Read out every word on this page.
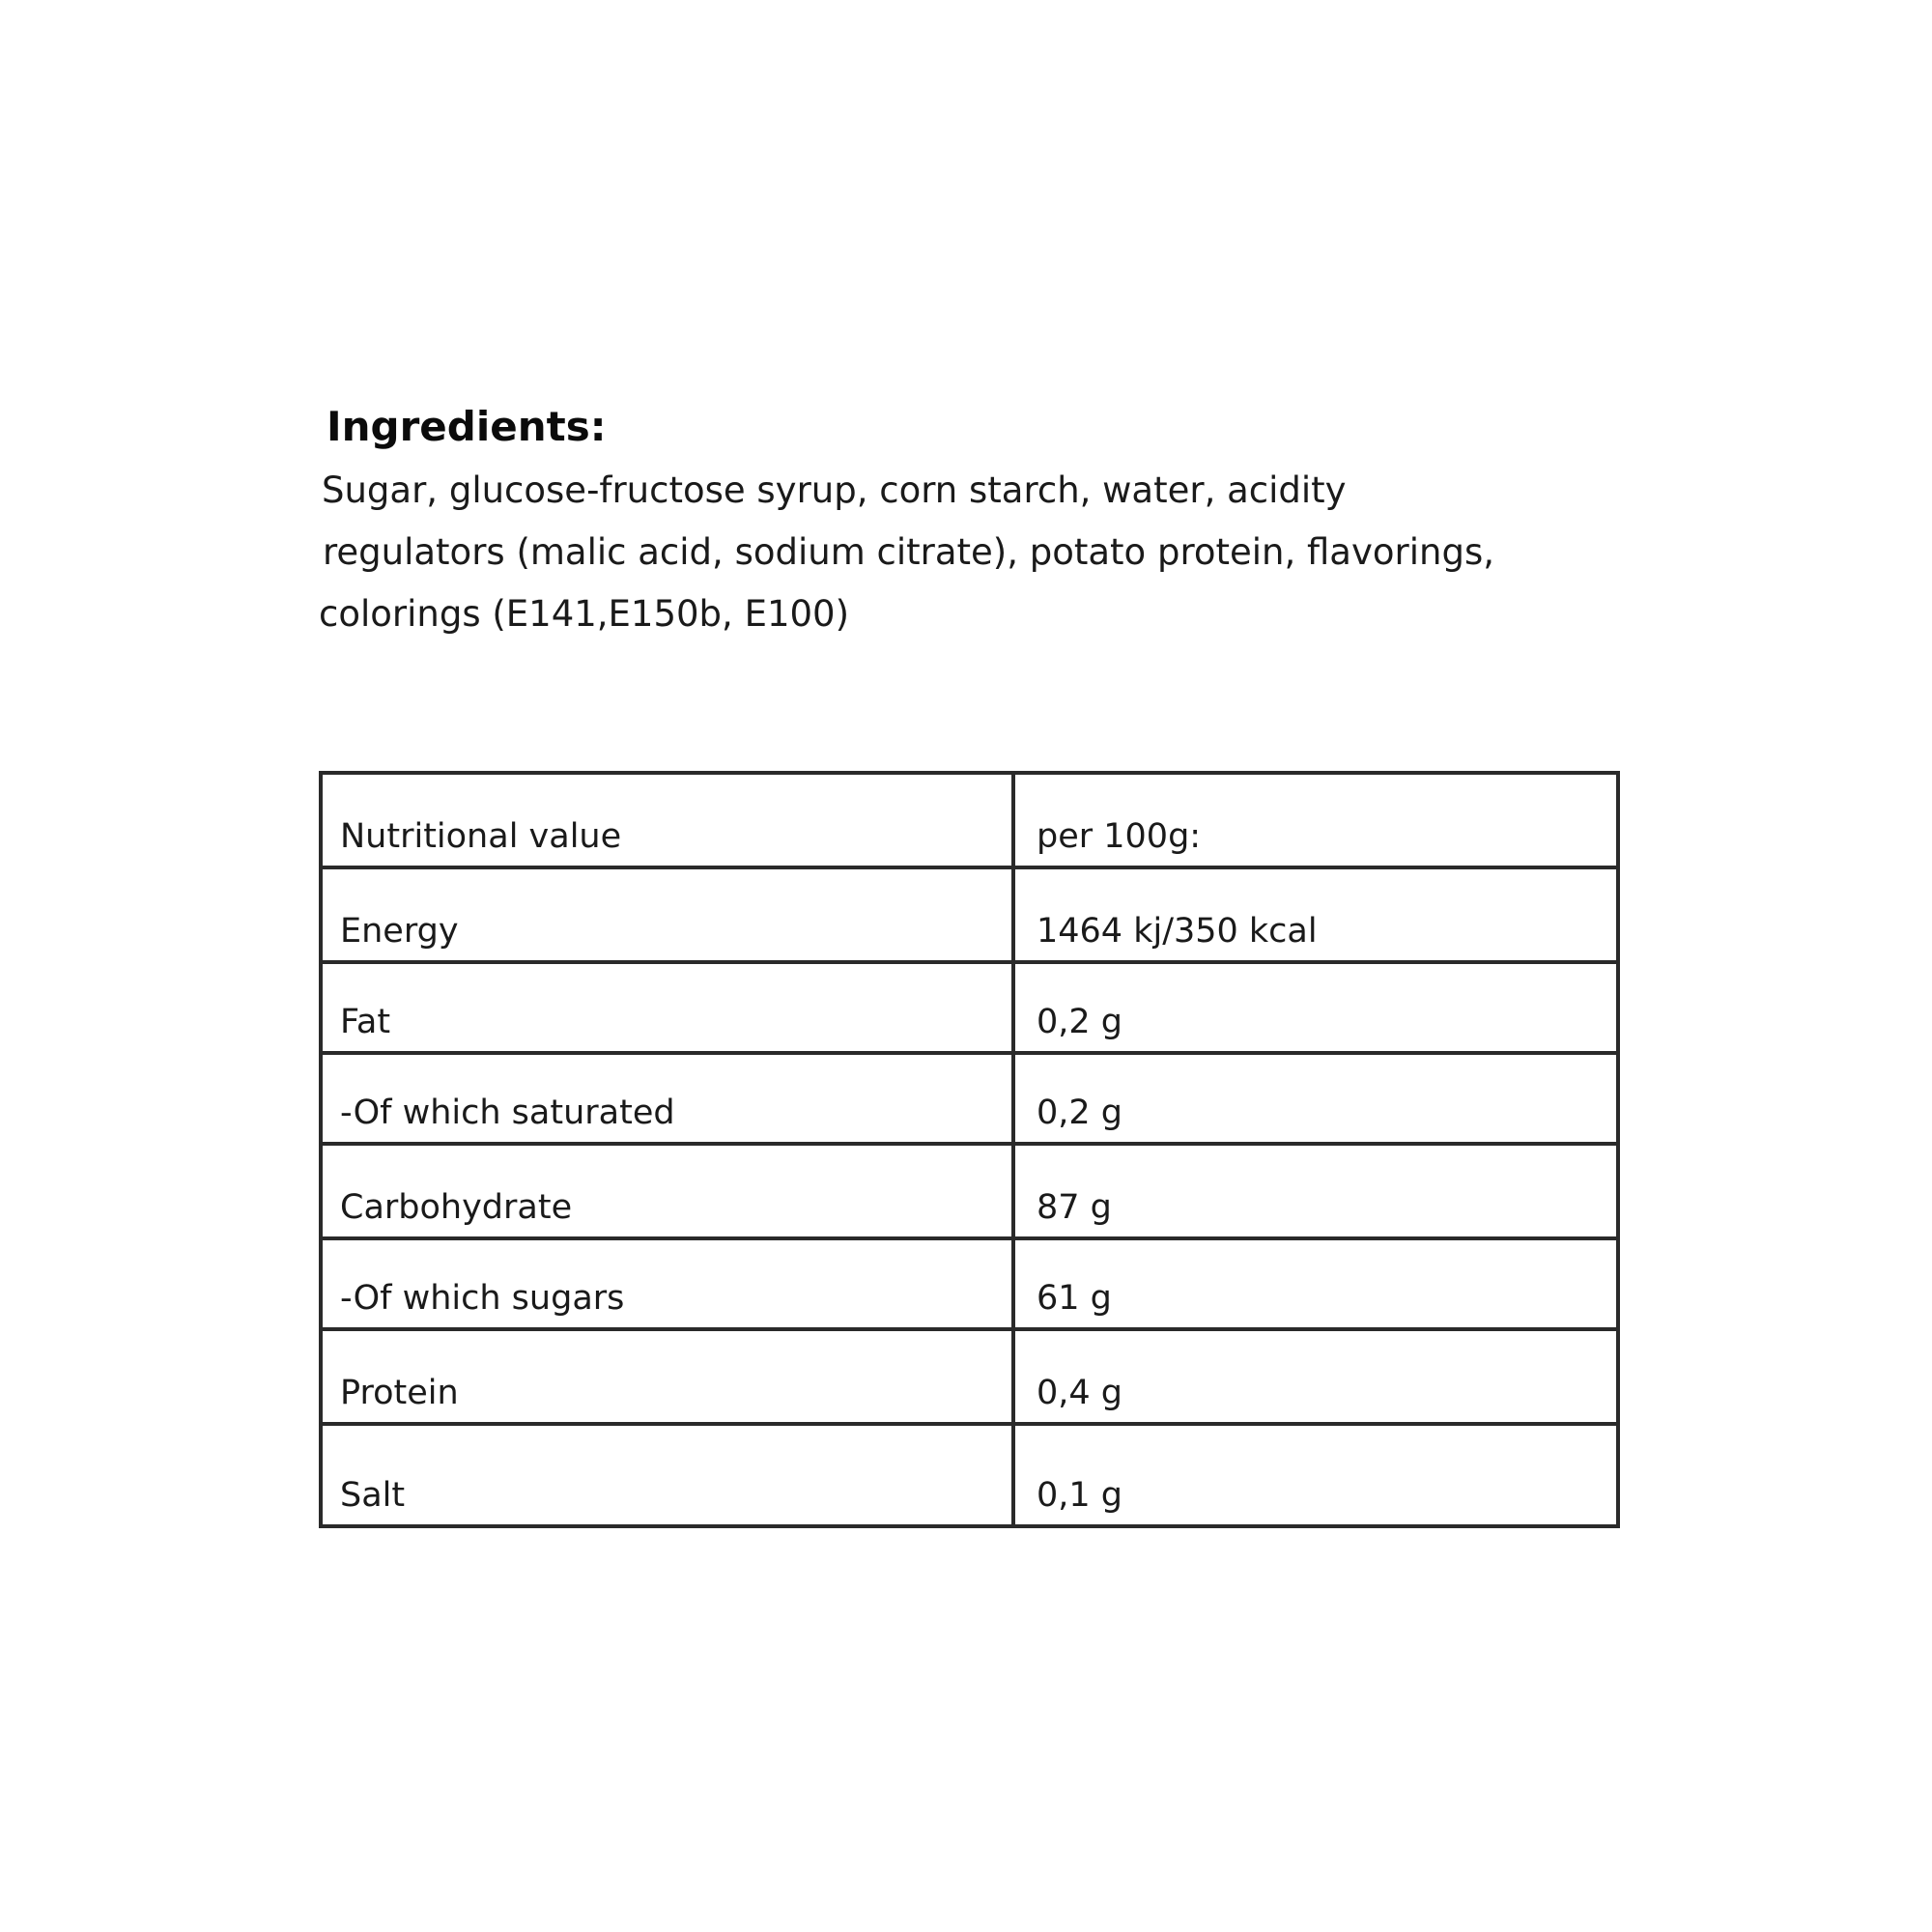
Ingredients:
Sugar, glucose-fructose syrup, corn starch, water, acidity
regulators (malic acid, sodium citrate), potato protein, flavorings,
colorings (E141,E150b, E100)
Nutritional value	per 100g:
Energy	1464 kj/350 kcal
Fat	0,2 g
-Of which saturated	0,2 g
Carbohydrate	87 g
-Of which sugars	61 g
Protein	0,4 g
Salt	0,1 g
